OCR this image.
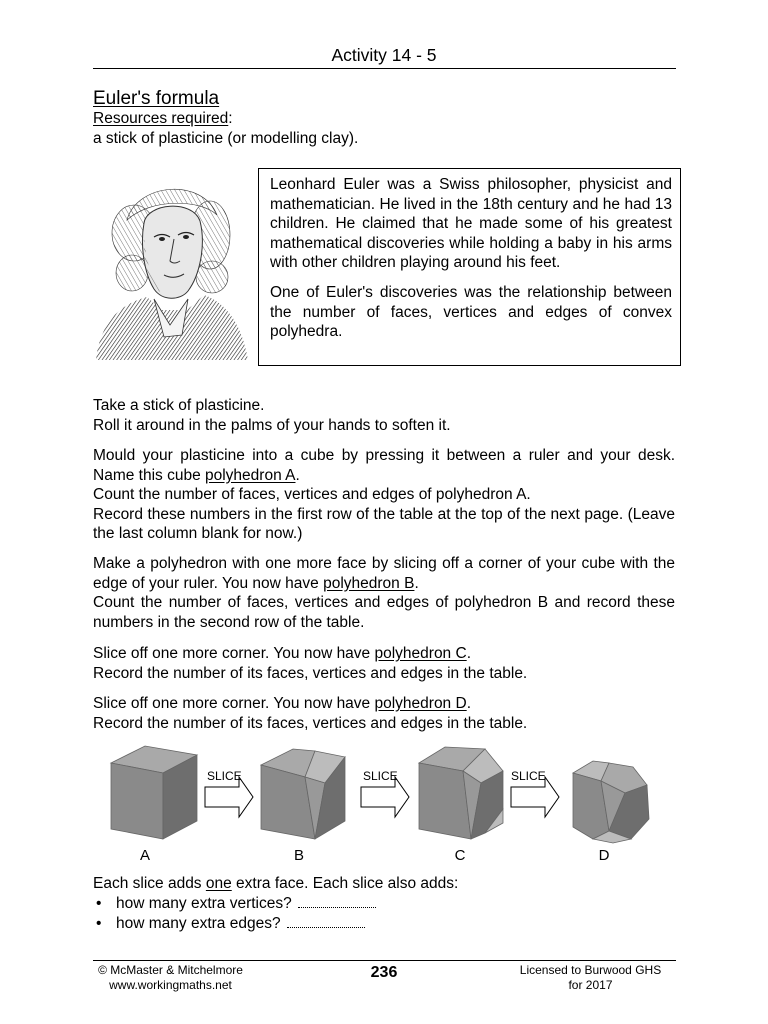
Activity 14 - 5
Euler's formula
Resources required:
a stick of plasticine (or modelling clay).

Leonhard Euler was a Swiss philosopher, physicist and mathematician. He lived in the 18th century and he had 13 children. He claimed that he made some of his greatest mathematical discoveries while holding a baby in his arms with other children playing around his feet.

One of Euler's discoveries was the relationship between the number of faces, vertices and edges of convex polyhedra.

Take a stick of plasticine.

Roll it around in the palms of your hands to soften it.

Mould your plasticine into a cube by pressing it between a ruler and your desk. Name this cube polyhedron A.

Count the number of faces, vertices and edges of polyhedron A.

Record these numbers in the first row of the table at the top of the next page. (Leave the last column blank for now.)

Make a polyhedron with one more face by slicing off a corner of your cube with the edge of your ruler. You now have polyhedron B.

Count the number of faces, vertices and edges of polyhedron B and record these numbers in the second row of the table.

Slice off one more corner. You now have polyhedron C.

Record the number of its faces, vertices and edges in the table.

Slice off one more corner. You now have polyhedron D.

Record the number of its faces, vertices and edges in the table.

SLICE	SLICE	SLICE
A	B	C	D
Each slice adds one extra face. Each slice also adds:
• how many extra vertices?
• how many extra edges?
© McMaster & Mitchelmore
www.workingmaths.net
236	Licensed to Burwood GHS
for 2017
